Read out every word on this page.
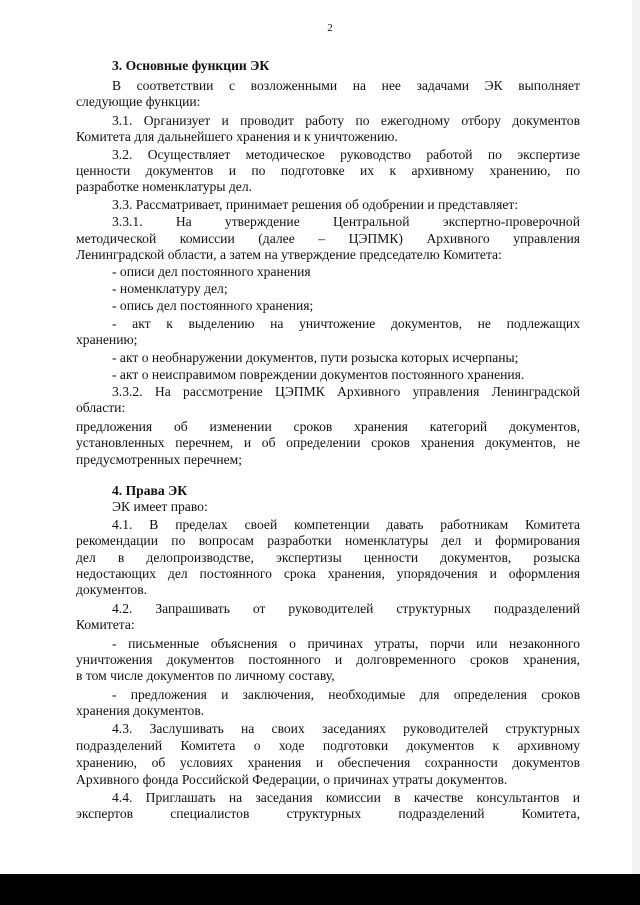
2
3. Основные функции ЭК
В соответствии с возложенными на нее задачами ЭК выполняет
следующие функции:
3.1. Организует и проводит работу по ежегодному отбору документов
Комитета для дальнейшего хранения и к уничтожению.
3.2. Осуществляет методическое руководство работой по экспертизе
ценности документов и по подготовке их к архивному хранению, по
разработке номенклатуры дел.
3.3. Рассматривает, принимает решения об одобрении и представляет:
3.3.1. На утверждение Центральной экспертно-проверочной
методической комиссии (далее – ЦЭПМК) Архивного управления
Ленинградской области, а затем на утверждение председателю Комитета:
- описи дел постоянного хранения
- номенклатуру дел;
- опись дел постоянного хранения;
- акт к выделению на уничтожение документов, не подлежащих
хранению;
- акт о необнаружении документов, пути розыска которых исчерпаны;
- акт о неисправимом повреждении документов постоянного хранения.
3.3.2. На рассмотрение ЦЭПМК Архивного управления Ленинградской
области:
предложения об изменении сроков хранения категорий документов,
установленных перечнем, и об определении сроков хранения документов, не
предусмотренных перечнем;
4. Права ЭК
ЭК имеет право:
4.1. В пределах своей компетенции давать работникам Комитета
рекомендации по вопросам разработки номенклатуры дел и формирования
дел в делопроизводстве, экспертизы ценности документов, розыска
недостающих дел постоянного срока хранения, упорядочения и оформления
документов.
4.2. Запрашивать от руководителей структурных подразделений
Комитета:
- письменные объяснения о причинах утраты, порчи или незаконного
уничтожения документов постоянного и долговременного сроков хранения,
в том числе документов по личному составу,
- предложения и заключения, необходимые для определения сроков
хранения документов.
4.3. Заслушивать на своих заседаниях руководителей структурных
подразделений Комитета о ходе подготовки документов к архивному
хранению, об условиях хранения и обеспечения сохранности документов
Архивного фонда Российской Федерации, о причинах утраты документов.
4.4. Приглашать на заседания комиссии в качестве консультантов и
экспертов специалистов структурных подразделений Комитета,
